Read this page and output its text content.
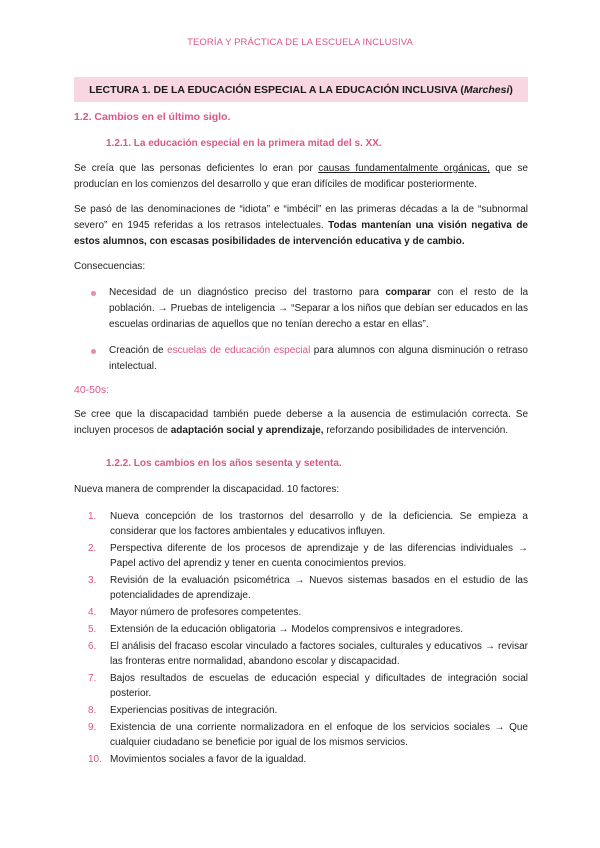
TEORÍA Y PRÁCTICA DE LA ESCUELA INCLUSIVA
LECTURA 1. DE LA EDUCACIÓN ESPECIAL A LA EDUCACIÓN INCLUSIVA ( Marchesi )
1.2. Cambios en el último siglo.
1.2.1. La educación especial en la primera mitad del s. XX.

Se creía que las personas deficientes lo eran por causas fundamentalmente orgánicas, que se producían en los comienzos del desarrollo y que eran difíciles de modificar posteriormente.

Se pasó de las denominaciones de “idiota” e “imbécil” en las primeras décadas a la de “subnormal severo” en 1945 referidas a los retrasos intelectuales. Todas mantenían una visión negativa de estos alumnos, con escasas posibilidades de intervención educativa y de cambio.

Consecuencias:

Necesidad de un diagnóstico preciso del trastorno para comparar con el resto de la población. → Pruebas de inteligencia → “Separar a los niños que debían ser educados en las escuelas ordinarias de aquellos que no tenían derecho a estar en ellas”.
Creación de escuelas de educación especial para alumnos con alguna disminución o retraso intelectual.

40-50s:

Se cree que la discapacidad también puede deberse a la ausencia de estimulación correcta. Se incluyen procesos de adaptación social y aprendizaje, reforzando posibilidades de intervención.

1.2.2. Los cambios en los años sesenta y setenta.

Nueva manera de comprender la discapacidad. 10 factores:

1. Nueva concepción de los trastornos del desarrollo y de la deficiencia. Se empieza a considerar que los factores ambientales y educativos influyen.
2. Perspectiva diferente de los procesos de aprendizaje y de las diferencias individuales → Papel activo del aprendiz y tener en cuenta conocimientos previos.
3. Revisión de la evaluación psicométrica → Nuevos sistemas basados en el estudio de las potencialidades de aprendizaje.
4. Mayor número de profesores competentes.
5. Extensión de la educación obligatoria → Modelos comprensivos e integradores.
6. El análisis del fracaso escolar vinculado a factores sociales, culturales y educativos → revisar las fronteras entre normalidad, abandono escolar y discapacidad.
7. Bajos resultados de escuelas de educación especial y dificultades de integración social posterior.
8. Experiencias positivas de integración.
9. Existencia de una corriente normalizadora en el enfoque de los servicios sociales → Que cualquier ciudadano se beneficie por igual de los mismos servicios.
10. Movimientos sociales a favor de la igualdad.
